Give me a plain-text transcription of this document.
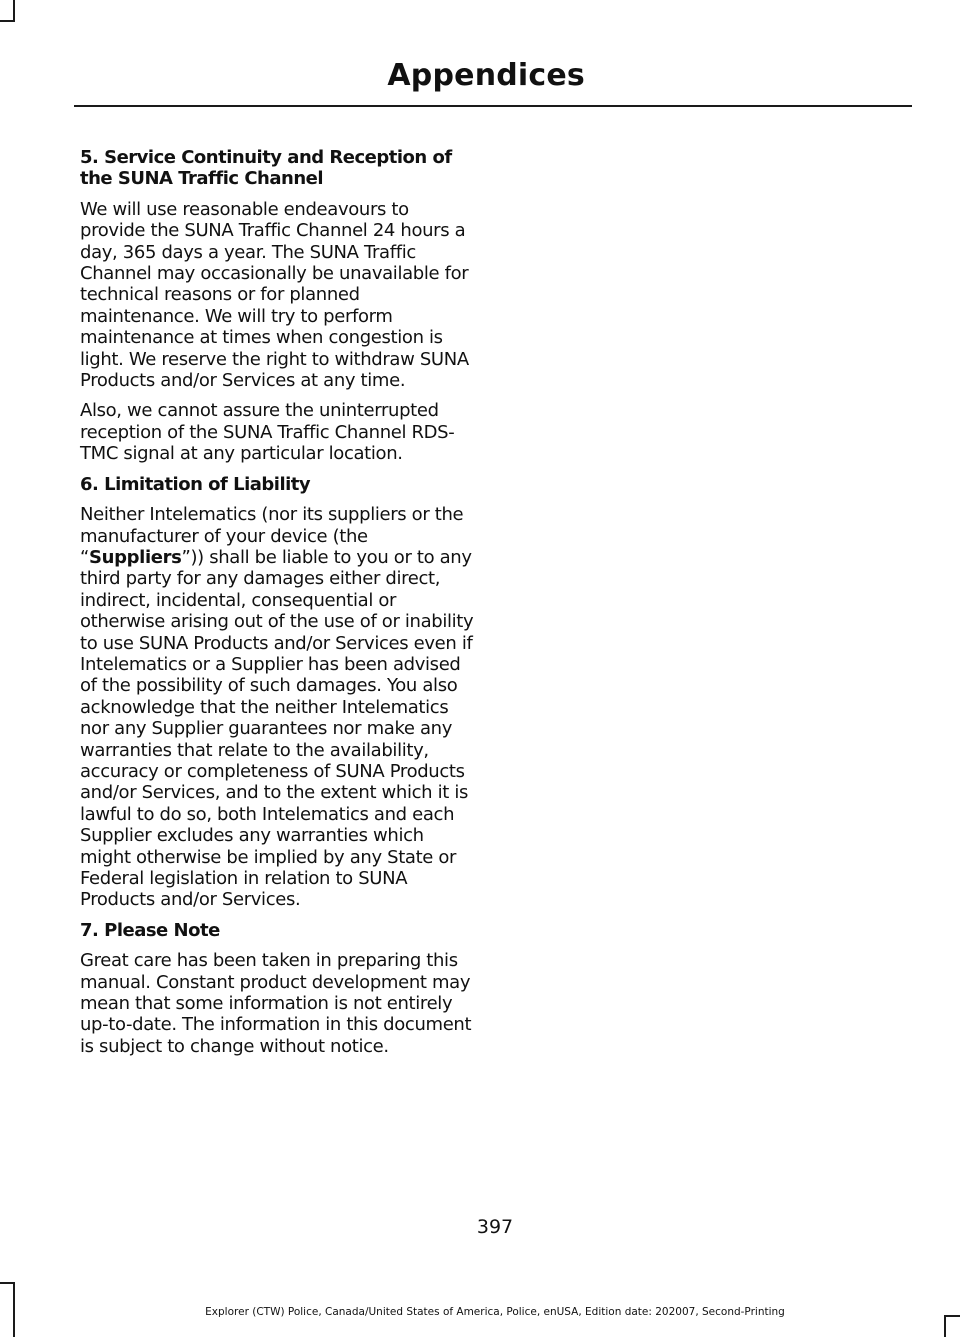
Appendices
5. Service Continuity and Reception of the SUNA Traffic Channel

We will use reasonable endeavours to provide the SUNA Traffic Channel 24 hours a day, 365 days a year. The SUNA Traffic Channel may occasionally be unavailable for technical reasons or for planned maintenance. We will try to perform maintenance at times when congestion is light. We reserve the right to withdraw SUNA Products and/or Services at any time.

Also, we cannot assure the uninterrupted reception of the SUNA Traffic Channel RDS-TMC signal at any particular location.

6. Limitation of Liability

Neither Intelematics (nor its suppliers or the manufacturer of your device (the “Suppliers”)) shall be liable to you or to any third party for any damages either direct, indirect, incidental, consequential or otherwise arising out of the use of or inability to use SUNA Products and/or Services even if Intelematics or a Supplier has been advised of the possibility of such damages. You also acknowledge that the neither Intelematics nor any Supplier guarantees nor make any warranties that relate to the availability, accuracy or completeness of SUNA Products and/or Services, and to the extent which it is lawful to do so, both Intelematics and each Supplier excludes any warranties which might otherwise be implied by any State or Federal legislation in relation to SUNA Products and/or Services.

7. Please Note

Great care has been taken in preparing this manual. Constant product development may mean that some information is not entirely up-to-date. The information in this document is subject to change without notice.

397
Explorer (CTW) Police, Canada/United States of America, Police, enUSA, Edition date: 202007, Second-Printing
